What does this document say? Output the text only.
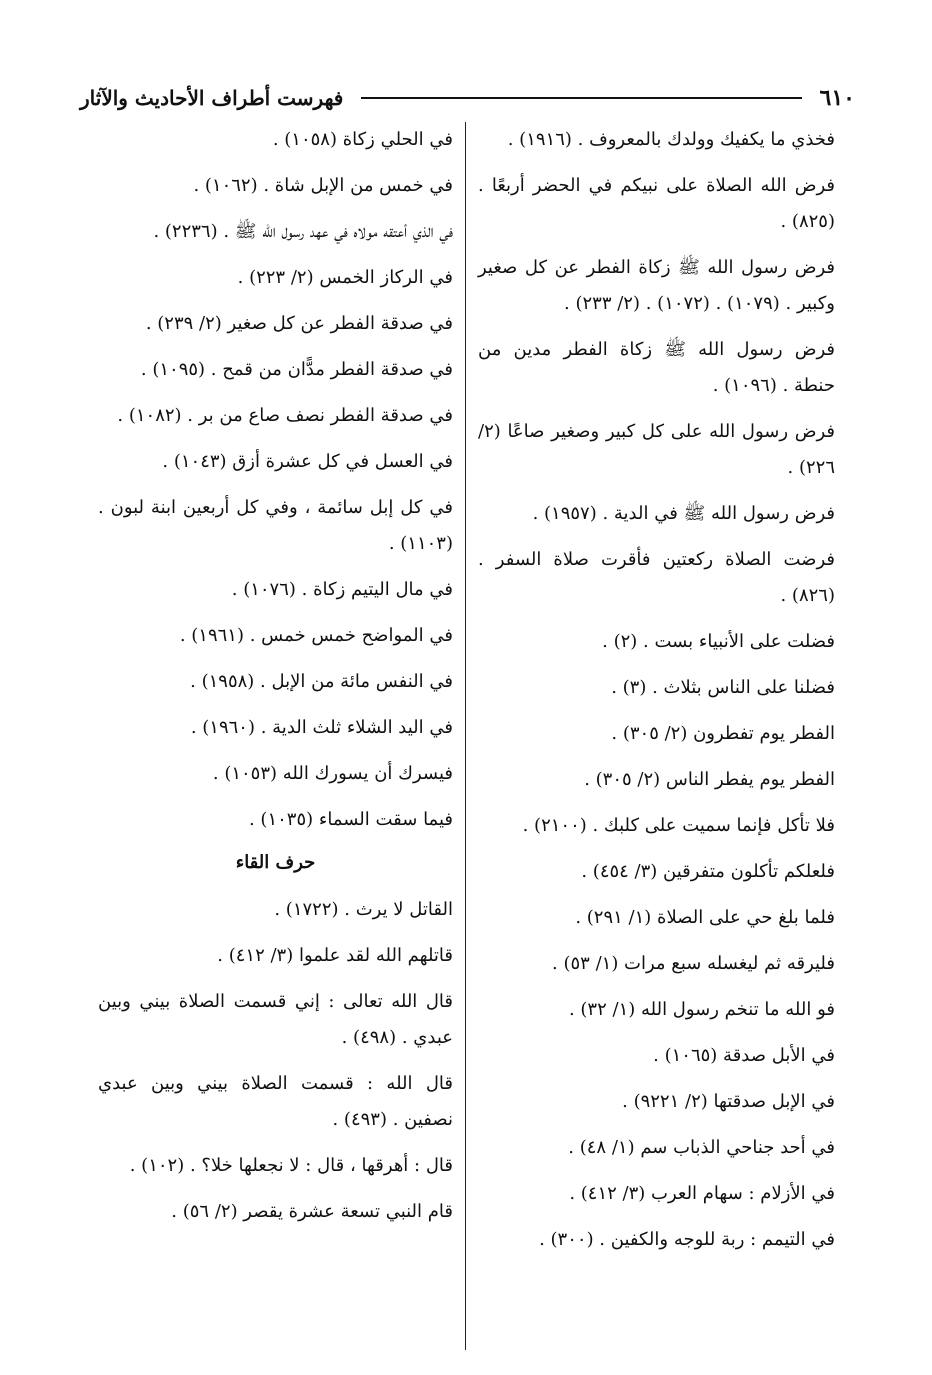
٦١٠
فهرست أطراف الأحاديث والآثار
فخذي ما يكفيك وولدك بالمعروف . (١٩١٦) .
فرض الله الصلاة على نبيكم في الحضر أربعًا . (٨٢٥) .
فرض رسول الله ﷺ زكاة الفطر عن كل صغير وكبير . (١٠٧٩) . (١٠٧٢) . (٢/ ٢٣٣) .
فرض رسول الله ﷺ زكاة الفطر مدين من حنطة . (١٠٩٦) .
فرض رسول الله على كل كبير وصغير صاعًا (٢/ ٢٢٦) .
فرض رسول الله ﷺ في الدية . (١٩٥٧) .
فرضت الصلاة ركعتين فأقرت صلاة السفر . (٨٢٦) .
فضلت على الأنبياء بست . (٢) .
فضلنا على الناس بثلاث . (٣) .
الفطر يوم تفطرون (٢/ ٣٠٥) .
الفطر يوم يفطر الناس (٢/ ٣٠٥) .
فلا تأكل فإنما سميت على كلبك . (٢١٠٠) .
فلعلكم تأكلون متفرقين (٣/ ٤٥٤) .
فلما بلغ حي على الصلاة (١/ ٢٩١) .
فليرقه ثم ليغسله سبع مرات (١/ ٥٣) .
فو الله ما تنخم رسول الله (١/ ٣٢) .
في الأبل صدقة (١٠٦٥) .
في الإبل صدقتها (٢/ ٩٢٢١) .
في أحد جناحي الذباب سم (١/ ٤٨) .
في الأزلام : سهام العرب (٣/ ٤١٢) .
في التيمم : ربة للوجه والكفين . (٣٠٠) .
في الحلي زكاة (١٠٥٨) .
في خمس من الإبل شاة . (١٠٦٢) .
في الذي أعتقه مولاه في عهد رسول الله ﷺ . (٢٢٣٦) .
في الركاز الخمس (٢/ ٢٢٣) .
في صدقة الفطر عن كل صغير (٢/ ٢٣٩) .
في صدقة الفطر مدًّان من قمح . (١٠٩٥) .
في صدقة الفطر نصف صاع من بر . (١٠٨٢) .
في العسل في كل عشرة أزق (١٠٤٣) .
في كل إبل سائمة ، وفي كل أربعين ابنة لبون . (١١٠٣) .
في مال اليتيم زكاة . (١٠٧٦) .
في المواضح خمس خمس . (١٩٦١) .
في النفس مائة من الإبل . (١٩٥٨) .
في اليد الشلاء ثلث الدية . (١٩٦٠) .
فيسرك أن يسورك الله (١٠٥٣) .
فيما سقت السماء (١٠٣٥) .
حرف القاء
القاتل لا يرث . (١٧٢٢) .
قاتلهم الله لقد علموا (٣/ ٤١٢) .
قال الله تعالى : إني قسمت الصلاة بيني وبين عبدي . (٤٩٨) .
قال الله : قسمت الصلاة بيني وبين عبدي نصفين . (٤٩٣) .
قال : أهرقها ، قال : لا نجعلها خلا؟ . (١٠٢) .
قام النبي تسعة عشرة يقصر (٢/ ٥٦) .
